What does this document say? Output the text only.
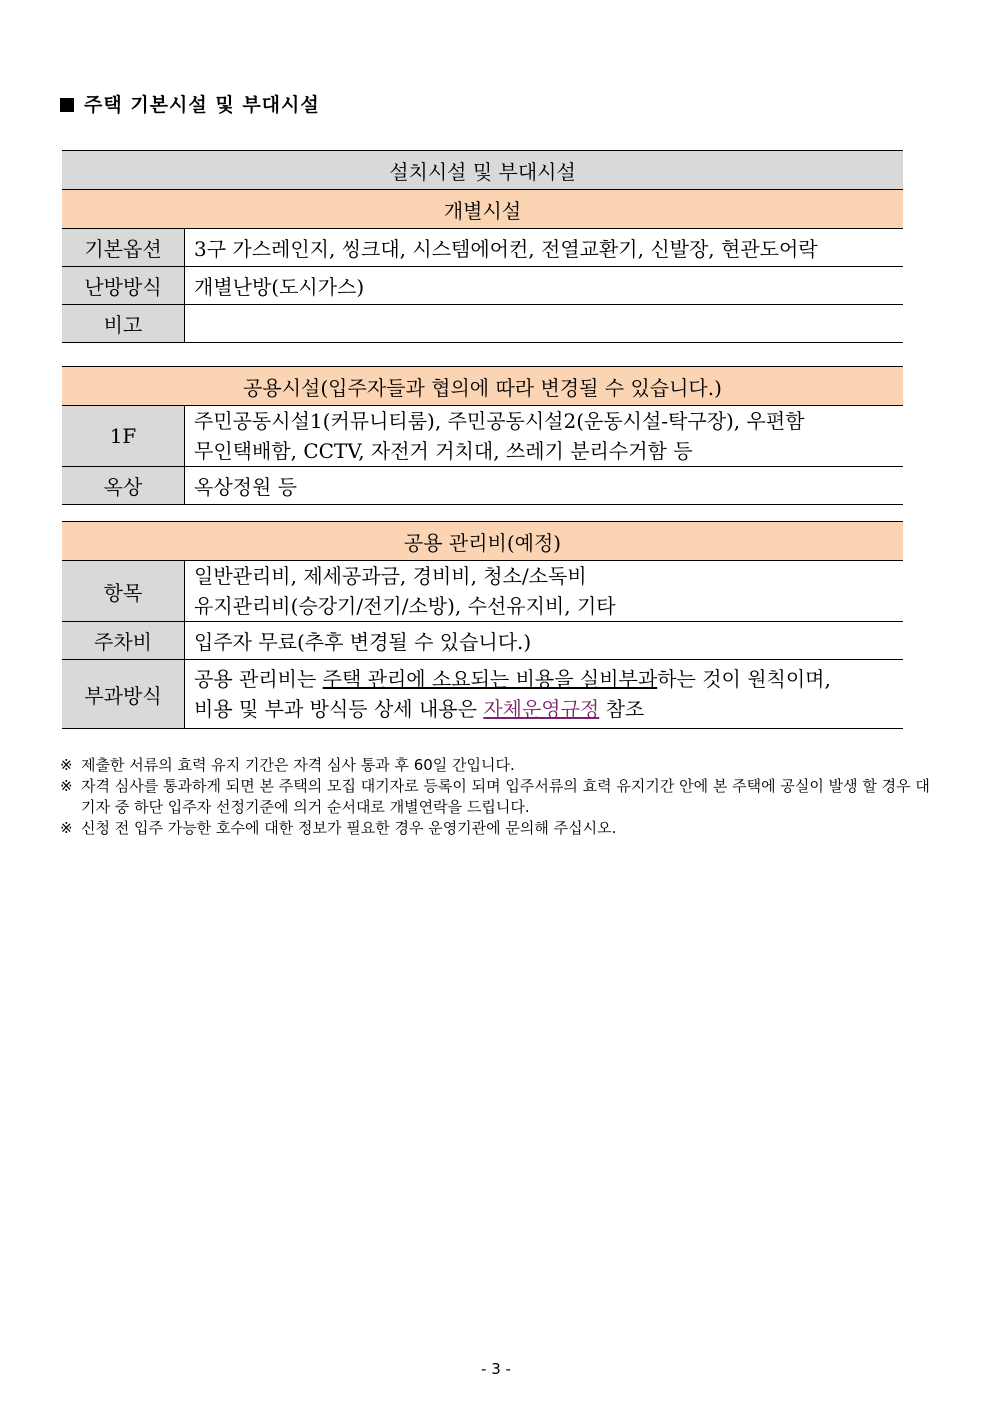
주택 기본시설 및 부대시설
설치시설 및 부대시설	
개별시설	
기본옵션	3구 가스레인지, 씽크대, 시스템에어컨, 전열교환기, 신발장, 현관도어락
난방방식	개별난방(도시가스)
비고	
공용시설(입주자들과 협의에 따라 변경될 수 있습니다.)	
1F	주민공동시설1(커뮤니티룸), 주민공동시설2(운동시설-탁구장), 우편함
무인택배함, CCTV, 자전거 거치대, 쓰레기 분리수거함 등

옥상	옥상정원 등
공용 관리비(예정)	
항목	일반관리비, 제세공과금, 경비비, 청소/소독비
유지관리비(승강기/전기/소방), 수선유지비, 기타

주차비	입주자 무료(추후 변경될 수 있습니다.)
부과방식	공용 관리비는 주택 관리에 소요되는 비용을 실비부과하는 것이 원칙이며,
비용 및 부과 방식등 상세 내용은 자체운영규정 참조
※ 제출한 서류의 효력 유지 기간은 자격 심사 통과 후 60일 간입니다.
※ 자격 심사를 통과하게 되면 본 주택의 모집 대기자로 등록이 되며 입주서류의 효력 유지기간 안에 본 주택에 공실이 발생 할 경우 대기자 중 하단 입주자 선정기준에 의거 순서대로 개별연락을 드립니다.
※ 신청 전 입주 가능한 호수에 대한 정보가 필요한 경우 운영기관에 문의해 주십시오.
- 3 -
